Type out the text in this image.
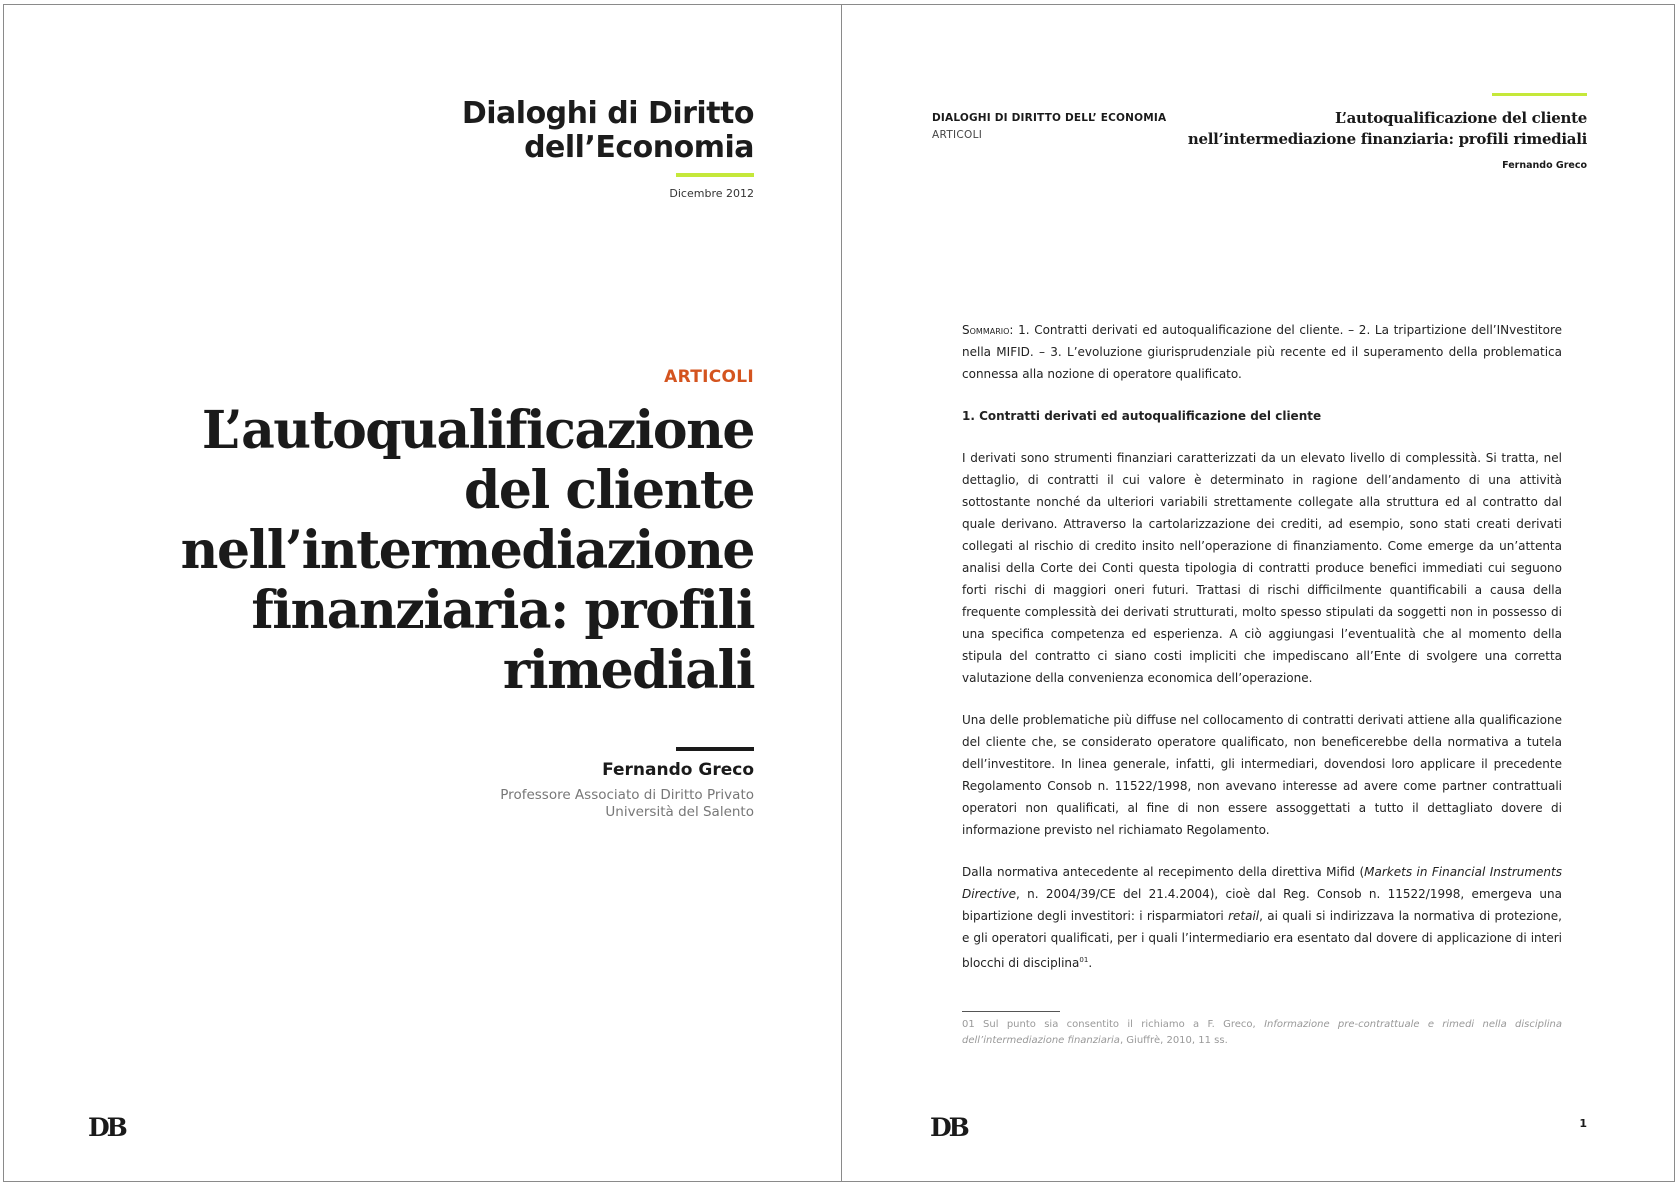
Dialoghi di Diritto
dell’Economia
Dicembre 2012
ARTICOLI
L’autoqualificazione
del cliente
nell’intermediazione
finanziaria: profili
rimediali
Fernando Greco
Professore Associato di Diritto Privato
Università del Salento
DB
DIALOGHI DI DIRITTO DELL’ ECONOMIA
ARTICOLI
L’autoqualificazione del cliente
nell’intermediazione finanziaria: profili rimediali
Fernando Greco

Sommario: 1. Contratti derivati ed autoqualificazione del cliente. – 2. La tripartizione dell’INvestitore nella MIFID. – 3. L’evoluzione giurisprudenziale più recente ed il superamento della problematica connessa alla nozione di operatore qualificato.

1. Contratti derivati ed autoqualificazione del cliente

I derivati sono strumenti finanziari caratterizzati da un elevato livello di complessità. Si tratta, nel dettaglio, di contratti il cui valore è determinato in ragione dell’andamento di una attività sottostante nonché da ulteriori variabili strettamente collegate alla struttura ed al contratto dal quale derivano. Attraverso la cartolarizzazione dei crediti, ad esempio, sono stati creati derivati collegati al rischio di credito insito nell’operazione di finanziamento. Come emerge da un’attenta analisi della Corte dei Conti questa tipologia di contratti produce benefici immediati cui seguono forti rischi di maggiori oneri futuri. Trattasi di rischi difficilmente quantificabili a causa della frequente complessità dei derivati strutturati, molto spesso stipulati da soggetti non in possesso di una specifica competenza ed esperienza. A ciò aggiungasi l’eventualità che al momento della stipula del contratto ci siano costi impliciti che impediscano all’Ente di svolgere una corretta valutazione della convenienza economica dell’operazione.

Una delle problematiche più diffuse nel collocamento di contratti derivati attiene alla qualificazione del cliente che, se considerato operatore qualificato, non beneficerebbe della normativa a tutela dell’investitore. In linea generale, infatti, gli intermediari, dovendosi loro applicare il precedente Regolamento Consob n. 11522/1998, non avevano interesse ad avere come partner contrattuali operatori non qualificati, al fine di non essere assoggettati a tutto il dettagliato dovere di informazione previsto nel richiamato Regolamento.

Dalla normativa antecedente al recepimento della direttiva Mifid (Markets in Financial Instruments Directive, n. 2004/39/CE del 21.4.2004), cioè dal Reg. Consob n. 11522/1998, emergeva una bipartizione degli investitori: i risparmiatori retail, ai quali si indirizzava la normativa di protezione, e gli operatori qualificati, per i quali l’intermediario era esentato dal dovere di applicazione di interi blocchi di disciplina$^{01}$.

01 Sul punto sia consentito il richiamo a F. Greco, Informazione pre-contrattuale e rimedi nella disciplina dell’intermediazione finanziaria, Giuffrè, 2010, 11 ss.
DB	1
